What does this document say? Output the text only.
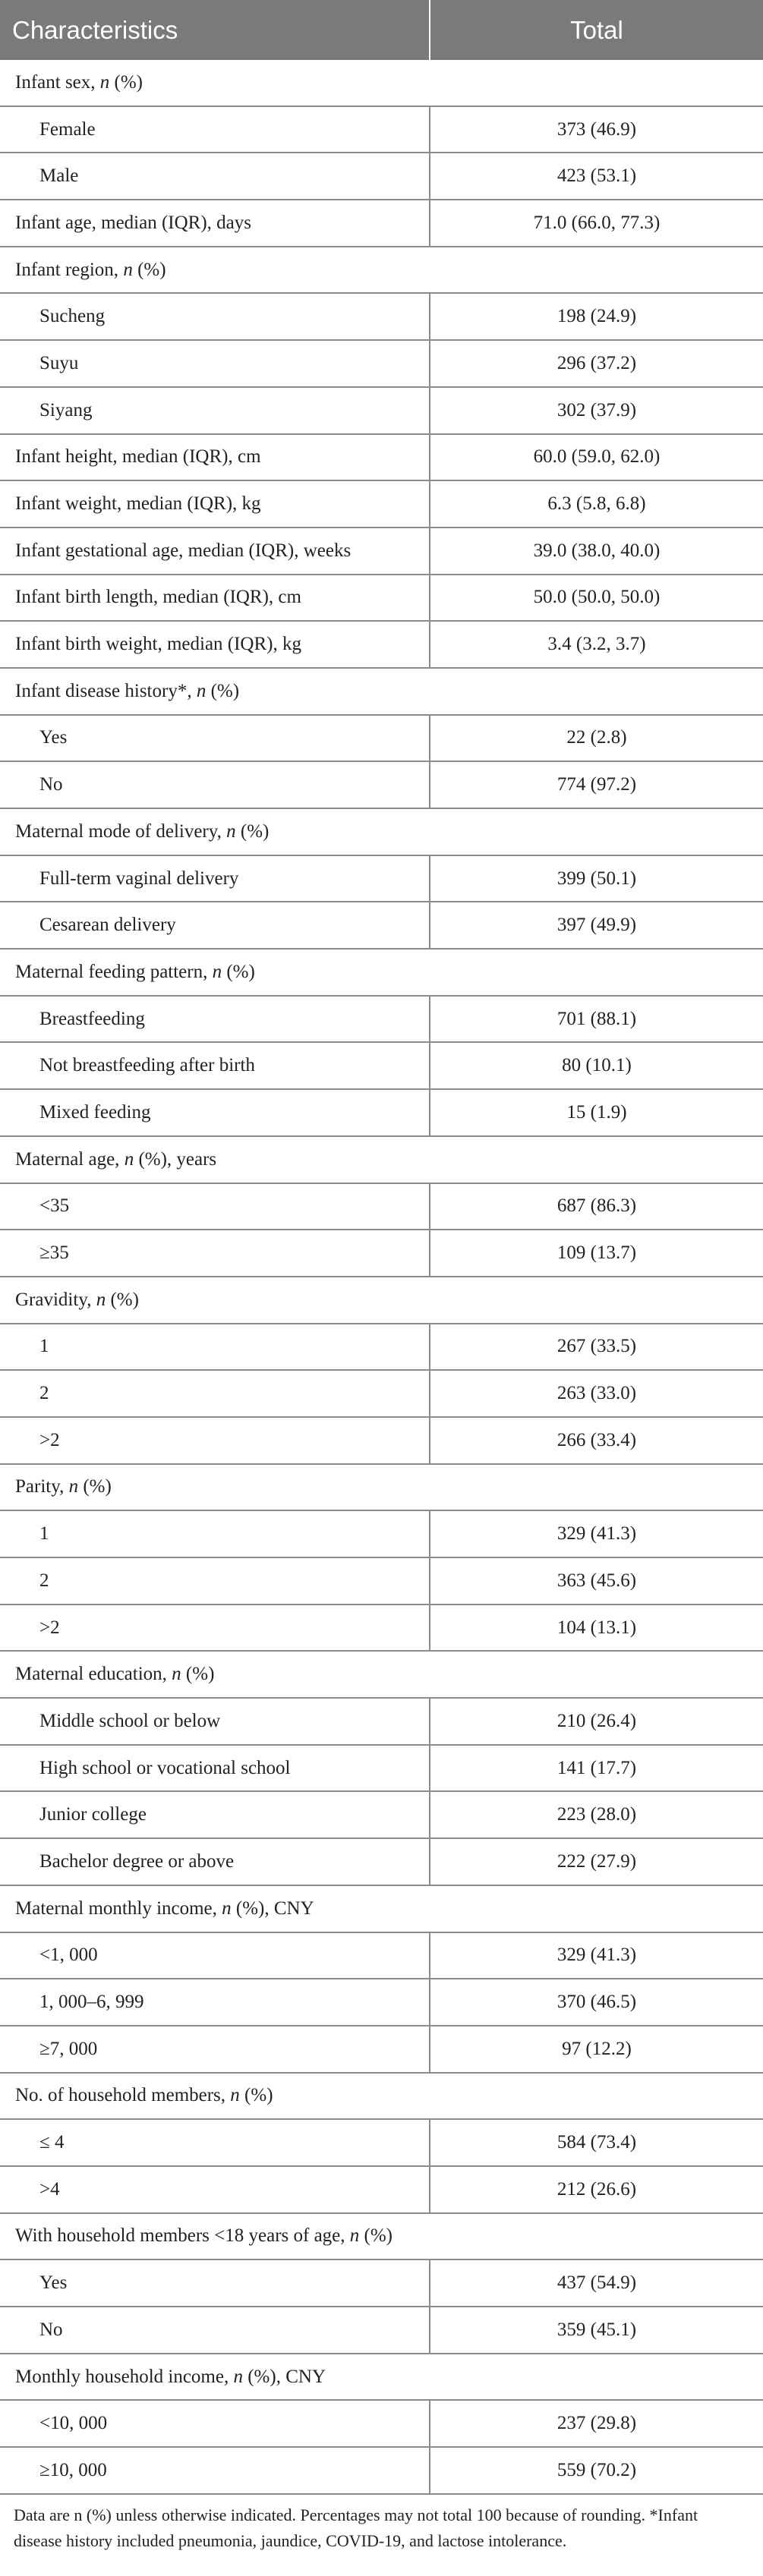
Characteristics	Total
Infant sex, n (%)
Female	373 (46.9)
Male	423 (53.1)
Infant age, median (IQR), days	71.0 (66.0, 77.3)
Infant region, n (%)
Sucheng	198 (24.9)
Suyu	296 (37.2)
Siyang	302 (37.9)
Infant height, median (IQR), cm	60.0 (59.0, 62.0)
Infant weight, median (IQR), kg	6.3 (5.8, 6.8)
Infant gestational age, median (IQR), weeks	39.0 (38.0, 40.0)
Infant birth length, median (IQR), cm	50.0 (50.0, 50.0)
Infant birth weight, median (IQR), kg	3.4 (3.2, 3.7)
Infant disease history*, n (%)
Yes	22 (2.8)
No	774 (97.2)
Maternal mode of delivery, n (%)
Full-term vaginal delivery	399 (50.1)
Cesarean delivery	397 (49.9)
Maternal feeding pattern, n (%)
Breastfeeding	701 (88.1)
Not breastfeeding after birth	80 (10.1)
Mixed feeding	15 (1.9)
Maternal age, n (%), years
<35	687 (86.3)
≥35	109 (13.7)
Gravidity, n (%)
1	267 (33.5)
2	263 (33.0)
>2	266 (33.4)
Parity, n (%)
1	329 (41.3)
2	363 (45.6)
>2	104 (13.1)
Maternal education, n (%)
Middle school or below	210 (26.4)
High school or vocational school	141 (17.7)
Junior college	223 (28.0)
Bachelor degree or above	222 (27.9)
Maternal monthly income, n (%), CNY
<1, 000	329 (41.3)
1, 000–6, 999	370 (46.5)
≥7, 000	97 (12.2)
No. of household members, n (%)
≤ 4	584 (73.4)
>4	212 (26.6)
With household members <18 years of age, n (%)
Yes	437 (54.9)
No	359 (45.1)
Monthly household income, n (%), CNY
<10, 000	237 (29.8)
≥10, 000	559 (70.2)
Data are n (%) unless otherwise indicated. Percentages may not total 100 because of rounding. *Infant disease history included pneumonia, jaundice, COVID-19, and lactose intolerance.
